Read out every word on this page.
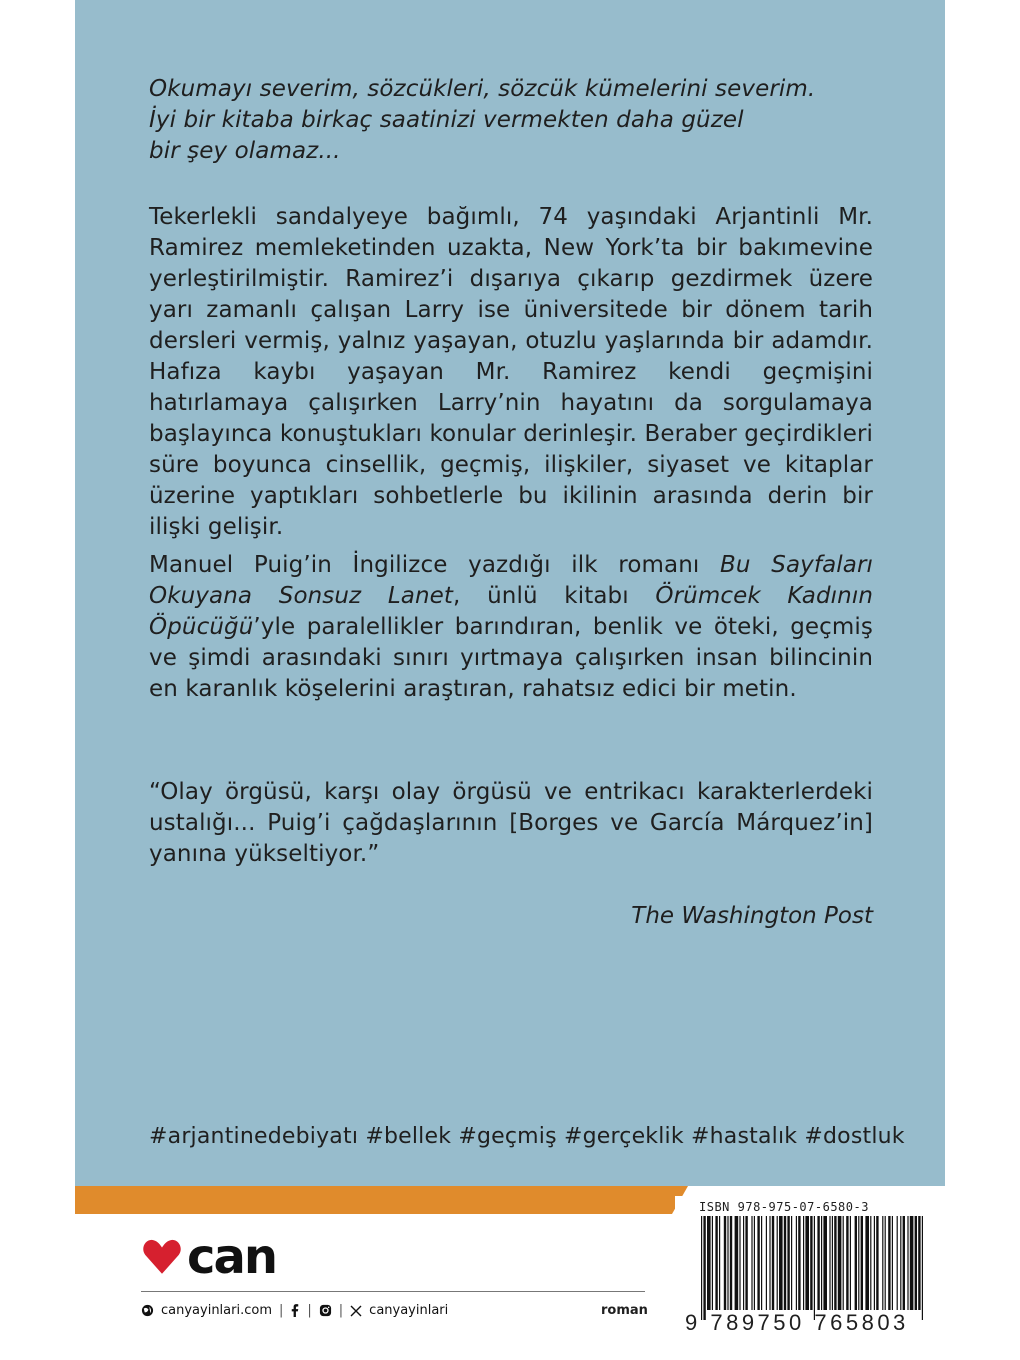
Okumayı severim, sözcükleri, sözcük kümelerini severim.
İyi bir kitaba birkaç saatinizi vermekten daha güzel
bir şey olamaz...
Tekerlekli sandalyeye bağımlı, 74 yaşındaki Arjantinli Mr. Ramirez memleketinden uzakta, New York’ta bir bakımevine yerleştirilmiştir. Ramirez’i dışarıya çıkarıp gezdirmek üzere yarı zamanlı çalışan Larry ise üniversitede bir dönem tarih dersleri vermiş, yalnız yaşayan, otuzlu yaşlarında bir adamdır. Hafıza kaybı yaşayan Mr. Ramirez kendi geçmişini hatırlamaya çalışırken Larry’nin hayatını da sorgulamaya başlayınca konuştukları konular derinleşir. Beraber geçirdikleri süre boyunca cinsellik, geçmiş, ilişkiler, siyaset ve kitaplar üzerine yaptıkları sohbetlerle bu ikilinin arasında derin bir ilişki gelişir.
Manuel Puig’in İngilizce yazdığı ilk romanı Bu Sayfaları Okuyana Sonsuz Lanet, ünlü kitabı Örümcek Kadının Öpücüğü’yle paralellikler barındıran, benlik ve öteki, geçmiş ve şimdi arasındaki sınırı yırtmaya çalışırken insan bilincinin en karanlık köşelerini araştıran, rahatsız edici bir metin.
“Olay örgüsü, karşı olay örgüsü ve entrikacı karakterlerdeki ustalığı... Puig’i çağdaşlarının [Borges ve García Márquez’in] yanına yükseltiyor.”
The Washington Post
#arjantinedebiyatı #bellek #geçmiş #gerçeklik #hastalık #dostluk
can
canyayinlari.com | | | canyayinlari	roman
ISBN 978-975-07-6580-3
9 789750 765803
